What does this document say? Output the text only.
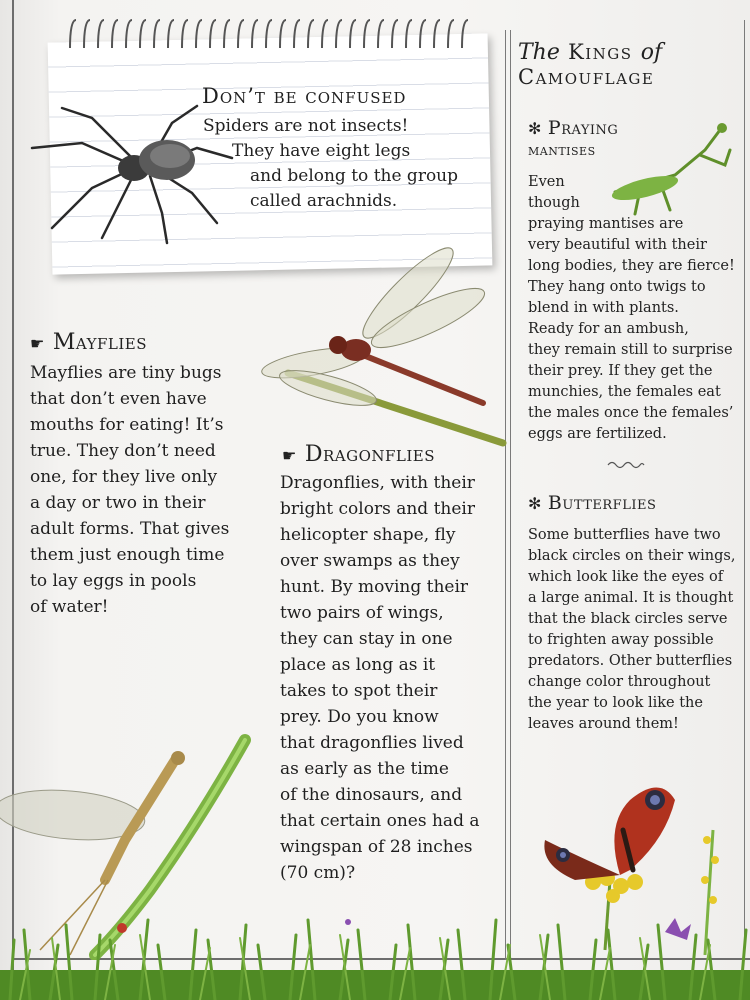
Don’t be confused
Spiders are not insects!
They have eight legs
and belong to the group
called arachnids.
☛ Mayflies
Mayflies are tiny bugs
that don’t even have
mouths for eating! It’s
true. They don’t need
one, for they live only
a day or two in their
adult forms. That gives
them just enough time
to lay eggs in pools
of water!
☛ Dragonflies
Dragonflies, with their
bright colors and their
helicopter shape, fly
over swamps as they
hunt. By moving their
two pairs of wings,
they can stay in one
place as long as it
takes to spot their
prey. Do you know
that dragonflies lived
as early as the time
of the dinosaurs, and
that certain ones had a
wingspan of 28 inches
(70 cm)?
The Kings of
Camouflage
✻ Praying
mantises
Even
though
praying mantises are
very beautiful with their
long bodies, they are fierce!
They hang onto twigs to
blend in with plants.
Ready for an ambush,
they remain still to surprise
their prey. If they get the
munchies, the females eat
the males once the females’
eggs are fertilized.
✻ Butterflies
Some butterflies have two
black circles on their wings,
which look like the eyes of
a large animal. It is thought
that the black circles serve
to frighten away possible
predators. Other butterflies
change color throughout
the year to look like the
leaves around them!
